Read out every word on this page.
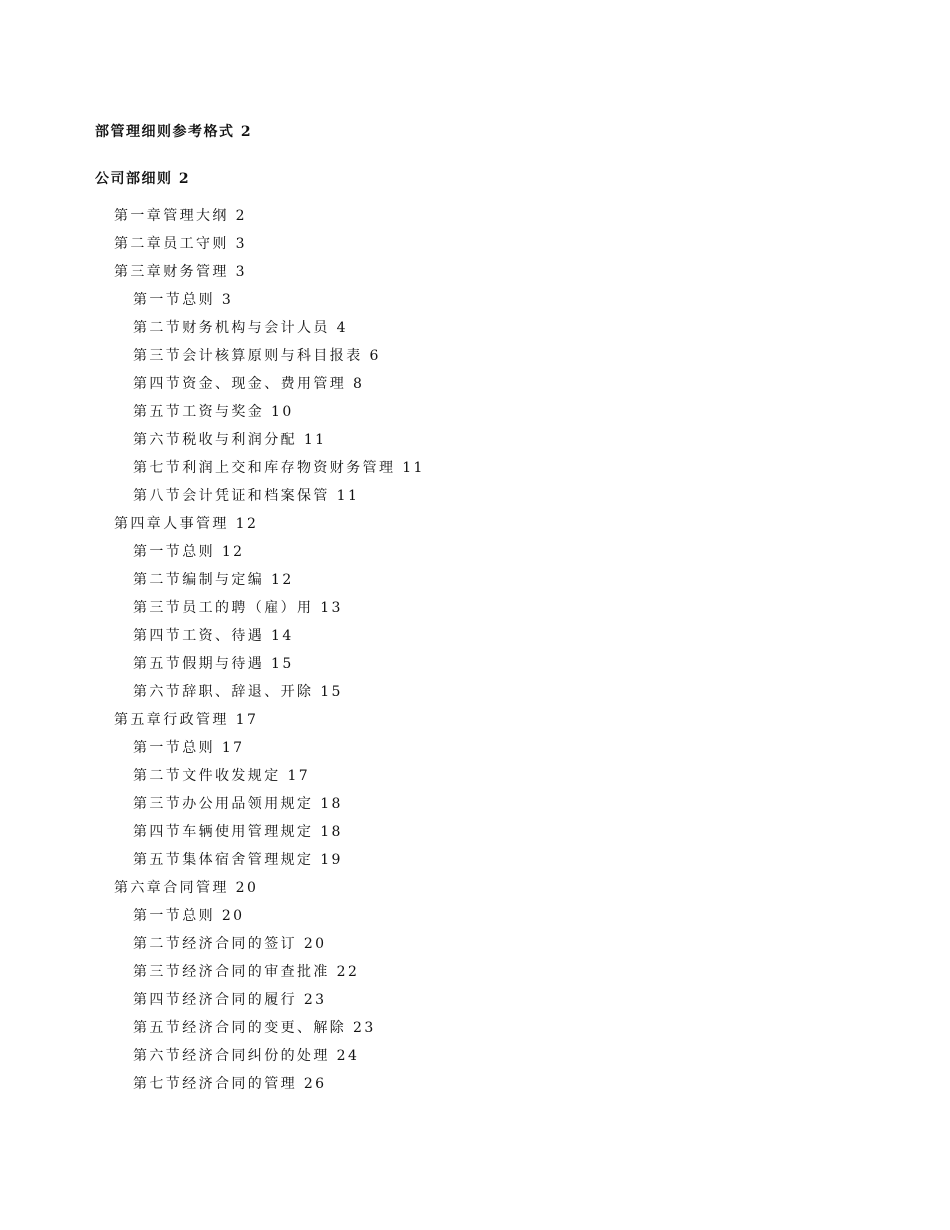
部管理细则参考格式 2
公司部细则 2
第一章管理大纲 2
第二章员工守则 3
第三章财务管理 3
第一节总则 3
第二节财务机构与会计人员 4
第三节会计核算原则与科目报表 6
第四节资金、现金、费用管理 8
第五节工资与奖金 10
第六节税收与利润分配 11
第七节利润上交和库存物资财务管理 11
第八节会计凭证和档案保管 11
第四章人事管理 12
第一节总则 12
第二节编制与定编 12
第三节员工的聘（雇）用 13
第四节工资、待遇 14
第五节假期与待遇 15
第六节辞职、辞退、开除 15
第五章行政管理 17
第一节总则 17
第二节文件收发规定 17
第三节办公用品领用规定 18
第四节车辆使用管理规定 18
第五节集体宿舍管理规定 19
第六章合同管理 20
第一节总则 20
第二节经济合同的签订 20
第三节经济合同的审查批准 22
第四节经济合同的履行 23
第五节经济合同的变更、解除 23
第六节经济合同纠份的处理 24
第七节经济合同的管理 26
